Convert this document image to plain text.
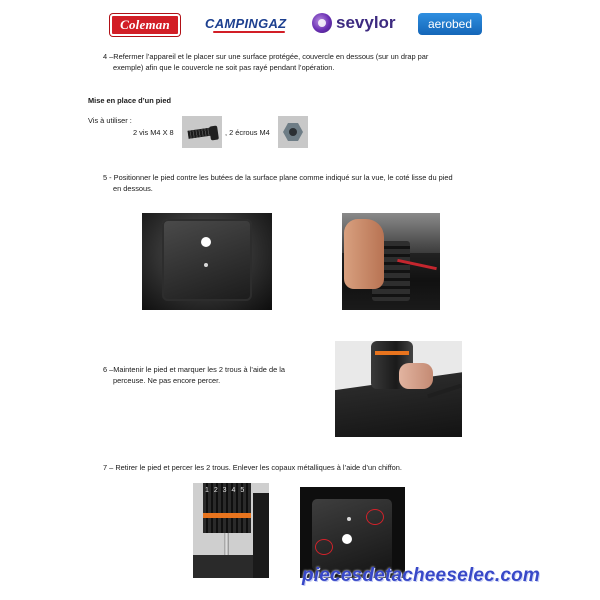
Coleman	CAMPINGAZ	sevylor	aerobed
4 –Refermer l’appareil et le placer sur une surface protégée, couvercle en dessous (sur un drap par
exemple) afin que le couvercle ne soit pas rayé pendant l’opération.
Mise en place d’un pied
Vis à utiliser :
2 vis M4 X 8	, 2 écrous M4
5 - Positionner le pied contre les butées de la surface plane comme indiqué sur la vue, le coté lisse du pied
en dessous.
6 –Maintenir le pied et marquer les 2 trous à l’aide de la
perceuse. Ne pas encore percer.
7 – Retirer le pied et percer les 2 trous. Enlever les copaux métalliques à l’aide d’un chiffon.
1 2 3 4 5
piecesdetacheeselec.com
